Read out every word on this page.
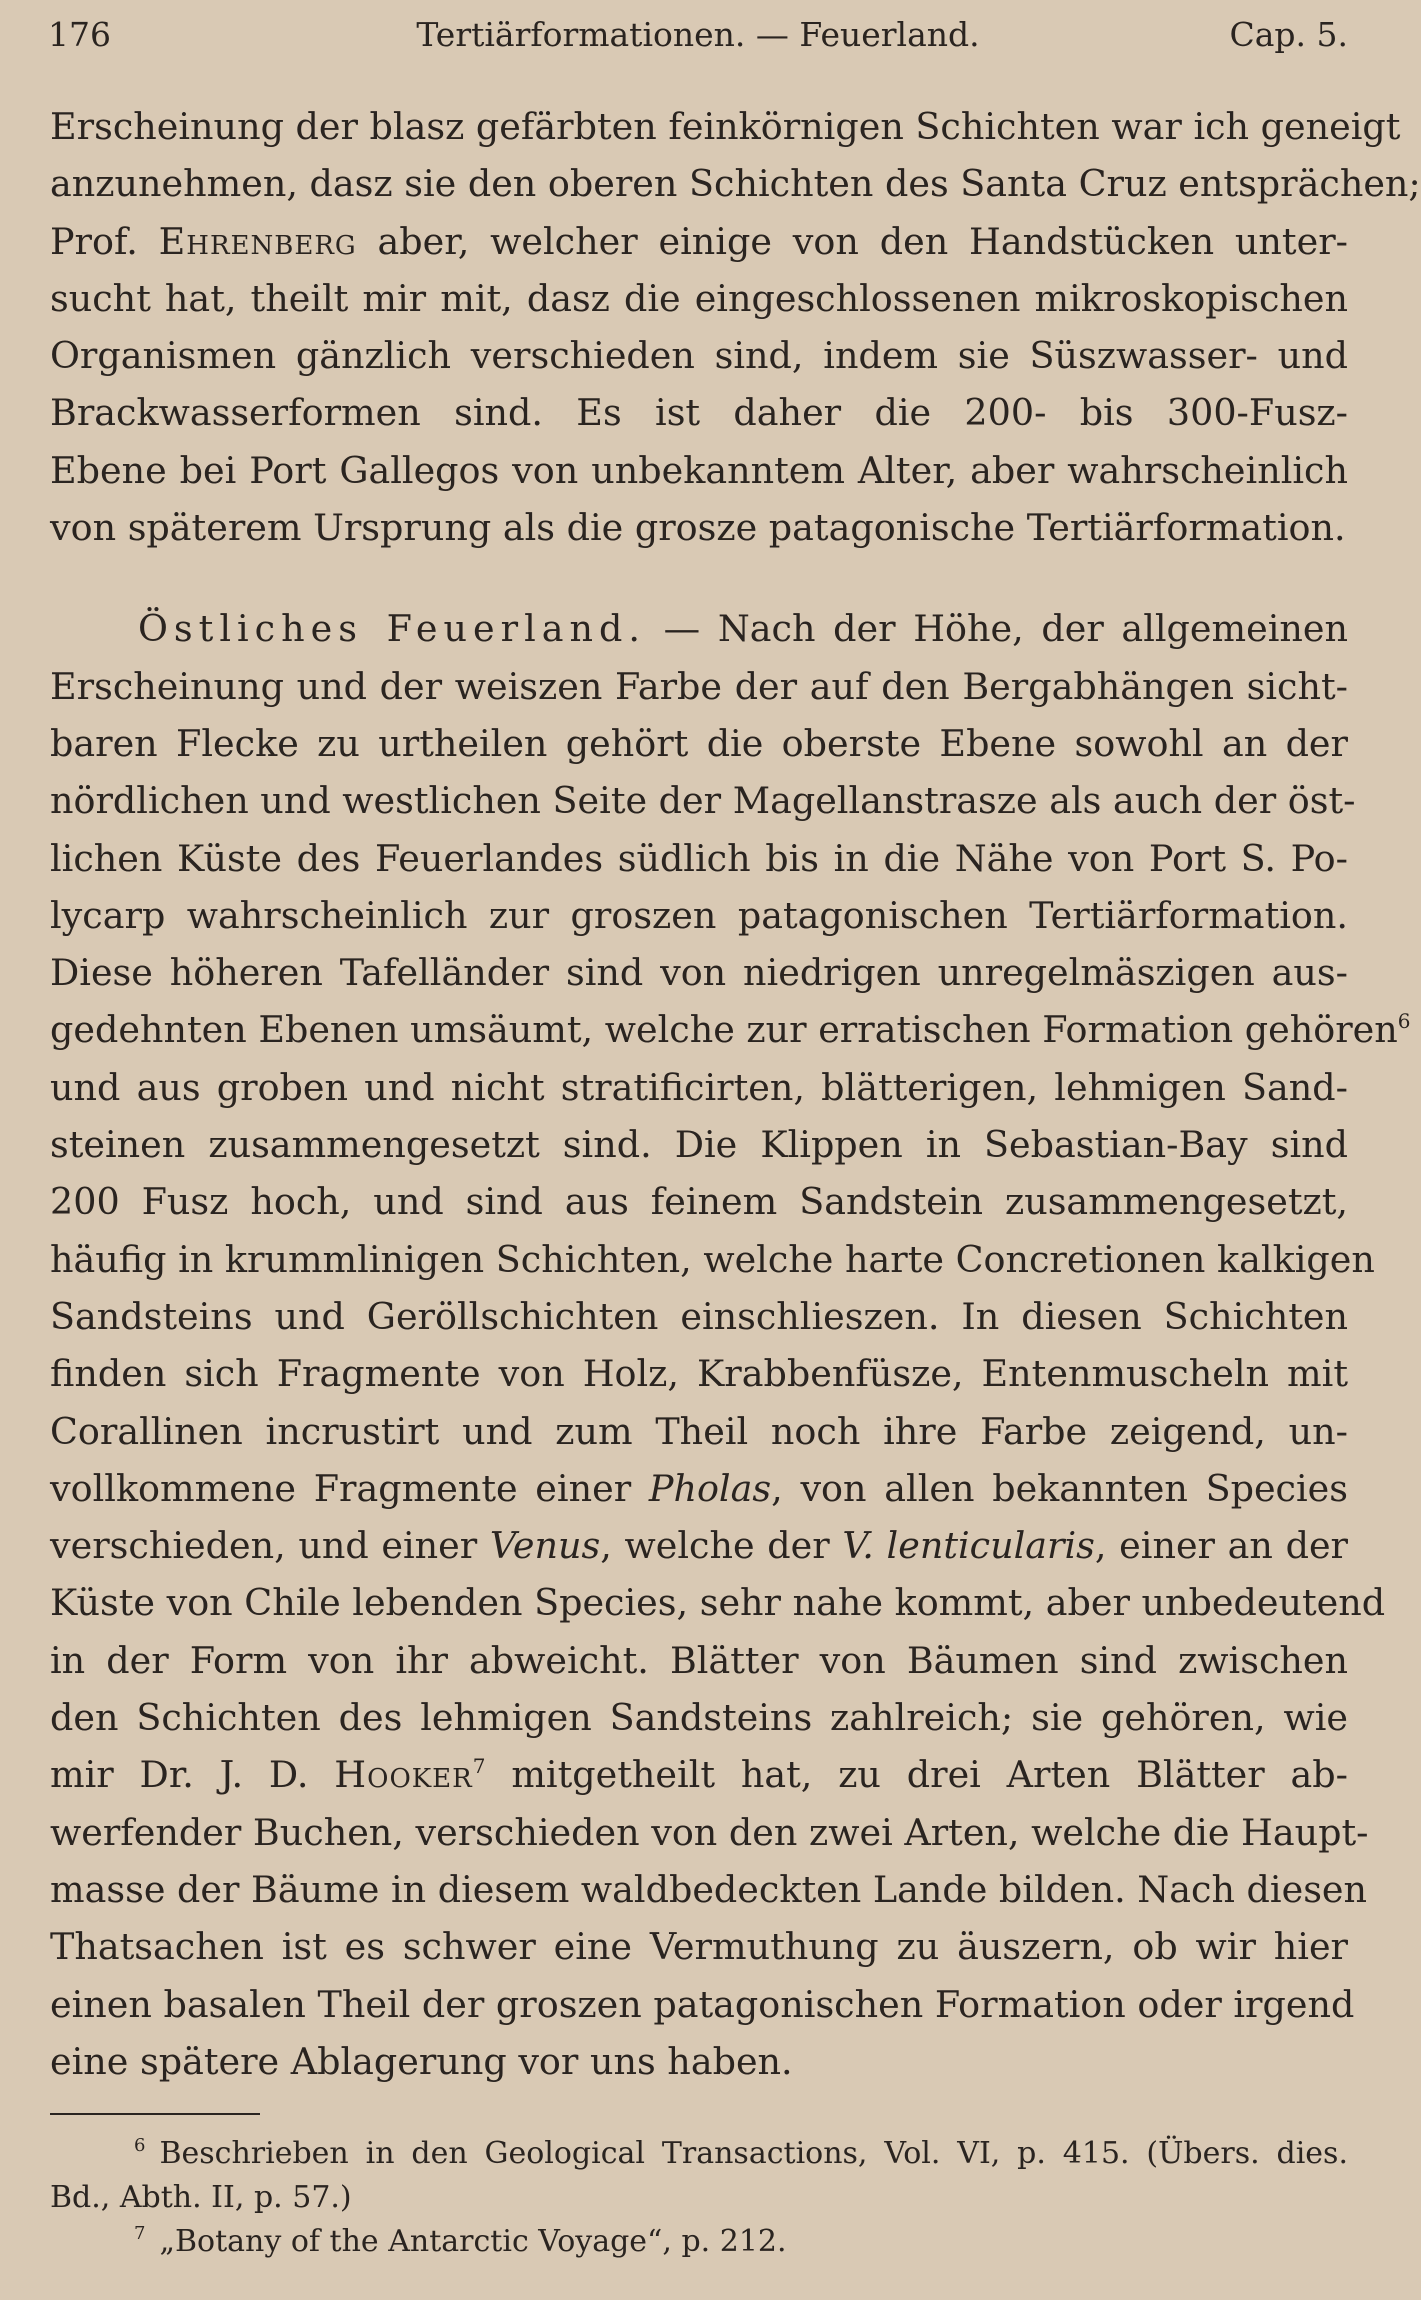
176	Tertiärformationen. — Feuerland.	Cap. 5.
Erscheinung der blasz gefärbten feinkörnigen Schichten war ich geneigt
anzunehmen, dasz sie den oberen Schichten des Santa Cruz entsprächen;
Prof. Ehrenberg aber, welcher einige von den Handstücken unter-
sucht hat, theilt mir mit, dasz die eingeschlossenen mikroskopischen
Organismen gänzlich verschieden sind, indem sie Süszwasser- und
Brackwasserformen sind. Es ist daher die 200- bis 300-Fusz-
Ebene bei Port Gallegos von unbekanntem Alter, aber wahrscheinlich
von späterem Ursprung als die grosze patagonische Tertiärformation.
Östliches Feuerland. — Nach der Höhe, der allgemeinen
Erscheinung und der weiszen Farbe der auf den Bergabhängen sicht-
baren Flecke zu urtheilen gehört die oberste Ebene sowohl an der
nördlichen und westlichen Seite der Magellanstrasze als auch der öst-
lichen Küste des Feuerlandes südlich bis in die Nähe von Port S. Po-
lycarp wahrscheinlich zur groszen patagonischen Tertiärformation.
Diese höheren Tafelländer sind von niedrigen unregelmäszigen aus-
gedehnten Ebenen umsäumt, welche zur erratischen Formation gehören$^6$
und aus groben und nicht stratificirten, blätterigen, lehmigen Sand-
steinen zusammengesetzt sind. Die Klippen in Sebastian-Bay sind
200 Fusz hoch, und sind aus feinem Sandstein zusammengesetzt,
häufig in krummlinigen Schichten, welche harte Concretionen kalkigen
Sandsteins und Geröllschichten einschlieszen. In diesen Schichten
finden sich Fragmente von Holz, Krabbenfüsze, Entenmuscheln mit
Corallinen incrustirt und zum Theil noch ihre Farbe zeigend, un-
vollkommene Fragmente einer Pholas, von allen bekannten Species
verschieden, und einer Venus, welche der V. lenticularis, einer an der
Küste von Chile lebenden Species, sehr nahe kommt, aber unbedeutend
in der Form von ihr abweicht. Blätter von Bäumen sind zwischen
den Schichten des lehmigen Sandsteins zahlreich; sie gehören, wie
mir Dr. J. D. Hooker$^7$ mitgetheilt hat, zu drei Arten Blätter ab-
werfender Buchen, verschieden von den zwei Arten, welche die Haupt-
masse der Bäume in diesem waldbedeckten Lande bilden. Nach diesen
Thatsachen ist es schwer eine Vermuthung zu äuszern, ob wir hier
einen basalen Theil der groszen patagonischen Formation oder irgend
eine spätere Ablagerung vor uns haben.
$^6$ Beschrieben in den Geological Transactions, Vol. VI, p. 415. (Übers. dies.
Bd., Abth. II, p. 57.)
$^7$ „Botany of the Antarctic Voyage“, p. 212.
